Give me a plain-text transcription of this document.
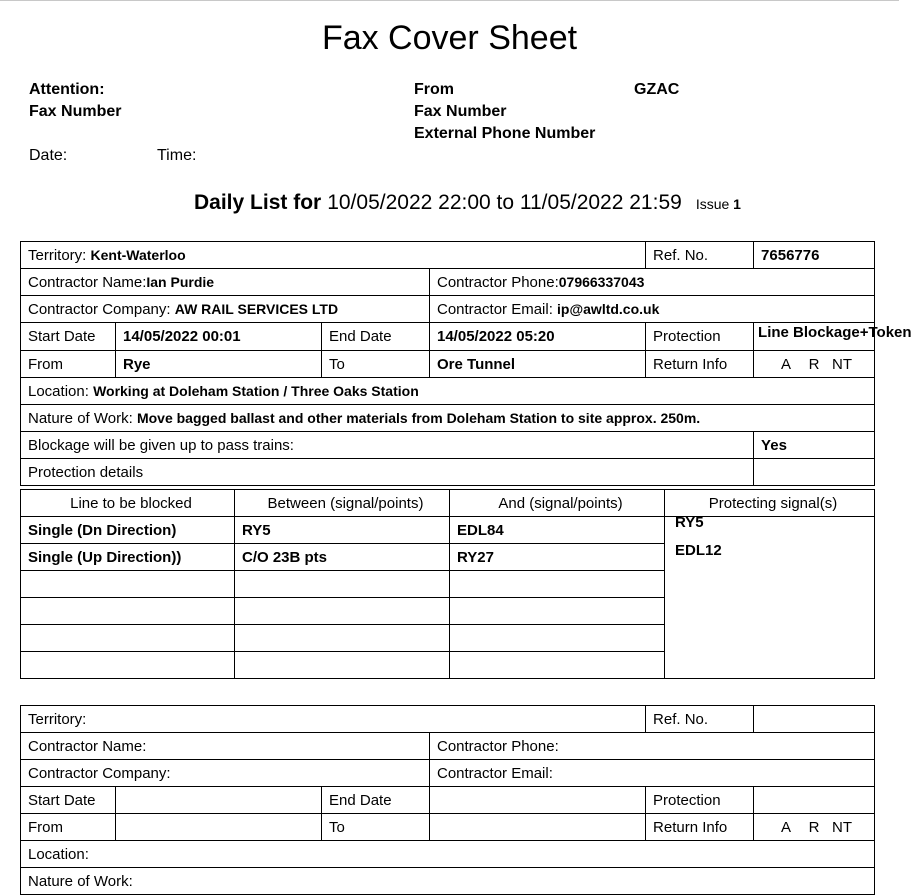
Fax Cover Sheet
Attention:
Fax Number
Date:	Time:
From	GZAC
Fax Number
External Phone Number
Daily List for 10/05/2022 22:00 to 11/05/2022 21:59 Issue 1
Territory: Kent-Waterloo				Ref. No.	7656776
Contractor Name:Ian Purdie			Contractor Phone:07966337043		
Contractor Company: AW RAIL SERVICES LTD			Contractor Email: ip@awltd.co.uk		
Start Date	14/05/2022 00:01	End Date	14/05/2022 05:20	Protection	Line Blockage+Token
From	Rye	To	Ore Tunnel	Return Info	A R NT
Location: Working at Doleham Station / Three Oaks Station					
Nature of Work: Move bagged ballast and other materials from Doleham Station to site approx. 250m.					
Blockage will be given up to pass trains:					Yes
Protection details					
Line to be blocked	Between (signal/points)	And (signal/points)	Protecting signal(s)
Single (Dn Direction)	RY5	EDL84	RY5
EDL12

Single (Up Direction))	C/O 23B pts	RY27	

Territory:				Ref. No.	
Contractor Name:			Contractor Phone:		
Contractor Company:			Contractor Email:		
Start Date		End Date		Protection	
From		To		Return Info	A R NT
Location:					
Nature of Work:					
